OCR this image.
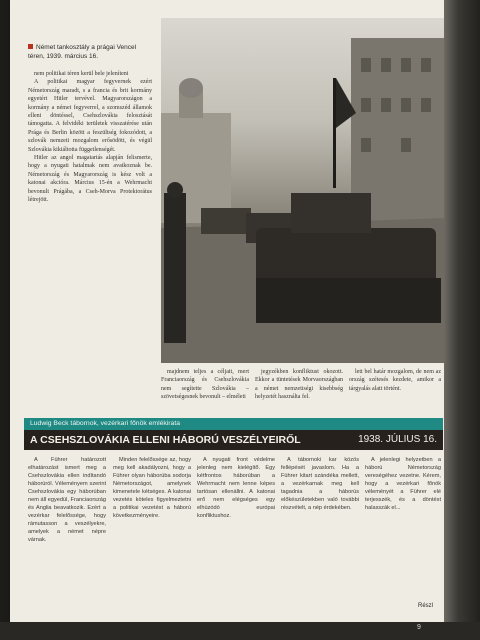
Német tankosztály a prágai Vencel téren, 1939. március 16.

nem politikai téren kerül bele jeleníteni

A politikai magyar fegyvernek ezért Németország maradt, s a francia és brit kormány egyetért Hitler tervével. Magyarországon a kormány a német fegyverrel, a szomszéd államok elleni döntéssel, Csehszlovákia felosztását támogatta. A felvidéki területek visszatérése után Prága és Berlin között a feszültség fokozódott, a szlovák nemzeti mozgalom erősödött, és végül Szlovákia kikiáltotta függetlenségét.

Hitler az angol magatartás alapján felismerte, hogy a nyugati hatalmak nem avatkoznak be. Németország és Magyarország is kész volt a katonai akcióra. Március 15-én a Wehrmacht bevonult Prágába, a Cseh-Morva Protektorátus létrejött.

majdnem teljes a céljait, mert Franciaország és Csehszlovákia nem segítette Szlovákia – szövetségesnek bevonult – elméleti

jegyzékben konfliktust okozott. Ekkor a tüntetések Morvaországban a német nemzetiségi kisebbség helyzetét használta fel.

lett bel határ mozgalom, de nem az ország szétesés kezdete, amikor a tárgyalás alatt történt.

Ludwig Beck tábornok, vezérkari főnök emlékirata
A CSEHSZLOVÁKIA ELLENI HÁBORÚ VESZÉLYEIRŐL	1938. JÚLIUS 16.

A Führer határozott elhatározást ismert meg a Csehszlovákia ellen indítandó háborúról. Véleményem szerint Csehszlovákia egy háborúban nem áll egyedül, Franciaország és Anglia beavatkozik. Ezért a vezérkar felelőssége, hogy rámutasson a veszélyekre, amelyek a német népre várnak.

Minden felelőssége az, hogy meg kell akadályozni, hogy a Führer olyan háborúba sodorja Németországot, amelynek kimenetele kétséges. A katonai vezetés köteles figyelmeztetni a politikai vezetést a háború következményeire.

A nyugati front védelme jelenleg nem kielégítő. Egy kétfrontos háborúban a Wehrmacht nem lenne képes tartósan ellenállni. A katonai erő nem elégséges egy elhúzódó európai konfliktushoz.

A tábornoki kar közös fellépését javaslom. Ha a Führer kitart szándéka mellett, a vezérkarnak meg kell tagadnia a háborús előkészületekben való további részvételt, a nép érdekében.

A jelenlegi helyzetben a háború Németország vereségéhez vezetne. Kérem, hogy a vezérkari főnök véleményét a Führer elé terjesszék, és a döntést halasszák el...

Részl
9
